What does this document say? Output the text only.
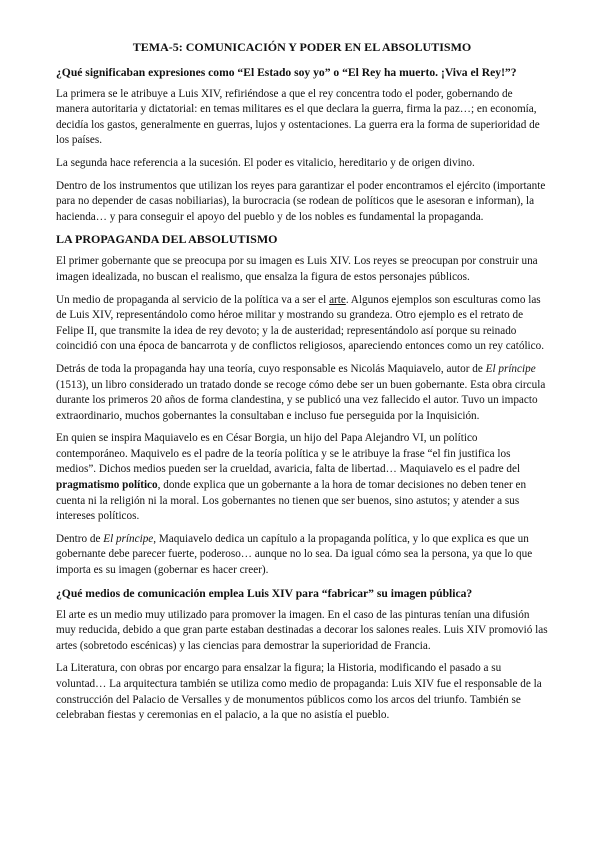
TEMA-5: COMUNICACIÓN Y PODER EN EL ABSOLUTISMO
¿Qué significaban expresiones como “El Estado soy yo” o “El Rey ha muerto. ¡Viva el Rey!”?

La primera se le atribuye a Luis XIV, refiriéndose a que el rey concentra todo el poder, gobernando de manera autoritaria y dictatorial: en temas militares es el que declara la guerra, firma la paz…; en economía, decidía los gastos, generalmente en guerras, lujos y ostentaciones. La guerra era la forma de superioridad de los países.

La segunda hace referencia a la sucesión. El poder es vitalicio, hereditario y de origen divino.

Dentro de los instrumentos que utilizan los reyes para garantizar el poder encontramos el ejército (importante para no depender de casas nobiliarias), la burocracia (se rodean de políticos que le asesoran e informan), la hacienda… y para conseguir el apoyo del pueblo y de los nobles es fundamental la propaganda.

LA PROPAGANDA DEL ABSOLUTISMO

El primer gobernante que se preocupa por su imagen es Luis XIV. Los reyes se preocupan por construir una imagen idealizada, no buscan el realismo, que ensalza la figura de estos personajes públicos.

Un medio de propaganda al servicio de la política va a ser el arte. Algunos ejemplos son esculturas como las de Luis XIV, representándolo como héroe militar y mostrando su grandeza. Otro ejemplo es el retrato de Felipe II, que transmite la idea de rey devoto; y la de austeridad; representándolo así porque su reinado coincidió con una época de bancarrota y de conflictos religiosos, apareciendo entonces como un rey católico.

Detrás de toda la propaganda hay una teoría, cuyo responsable es Nicolás Maquiavelo, autor de El príncipe (1513), un libro considerado un tratado donde se recoge cómo debe ser un buen gobernante. Esta obra circula durante los primeros 20 años de forma clandestina, y se publicó una vez fallecido el autor. Tuvo un impacto extraordinario, muchos gobernantes la consultaban e incluso fue perseguida por la Inquisición.

En quien se inspira Maquiavelo es en César Borgia, un hijo del Papa Alejandro VI, un político contemporáneo. Maquivelo es el padre de la teoría política y se le atribuye la frase “el fin justifica los medios”. Dichos medios pueden ser la crueldad, avaricia, falta de libertad… Maquiavelo es el padre del pragmatismo político, donde explica que un gobernante a la hora de tomar decisiones no deben tener en cuenta ni la religión ni la moral. Los gobernantes no tienen que ser buenos, sino astutos; y atender a sus intereses políticos.

Dentro de El príncipe, Maquiavelo dedica un capítulo a la propaganda política, y lo que explica es que un gobernante debe parecer fuerte, poderoso… aunque no lo sea. Da igual cómo sea la persona, ya que lo que importa es su imagen (gobernar es hacer creer).

¿Qué medios de comunicación emplea Luis XIV para “fabricar” su imagen pública?

El arte es un medio muy utilizado para promover la imagen. En el caso de las pinturas tenían una difusión muy reducida, debido a que gran parte estaban destinadas a decorar los salones reales. Luis XIV promovió las artes (sobretodo escénicas) y las ciencias para demostrar la superioridad de Francia.

La Literatura, con obras por encargo para ensalzar la figura; la Historia, modificando el pasado a su voluntad… La arquitectura también se utiliza como medio de propaganda: Luis XIV fue el responsable de la construcción del Palacio de Versalles y de monumentos públicos como los arcos del triunfo. También se celebraban fiestas y ceremonias en el palacio, a la que no asistía el pueblo.
